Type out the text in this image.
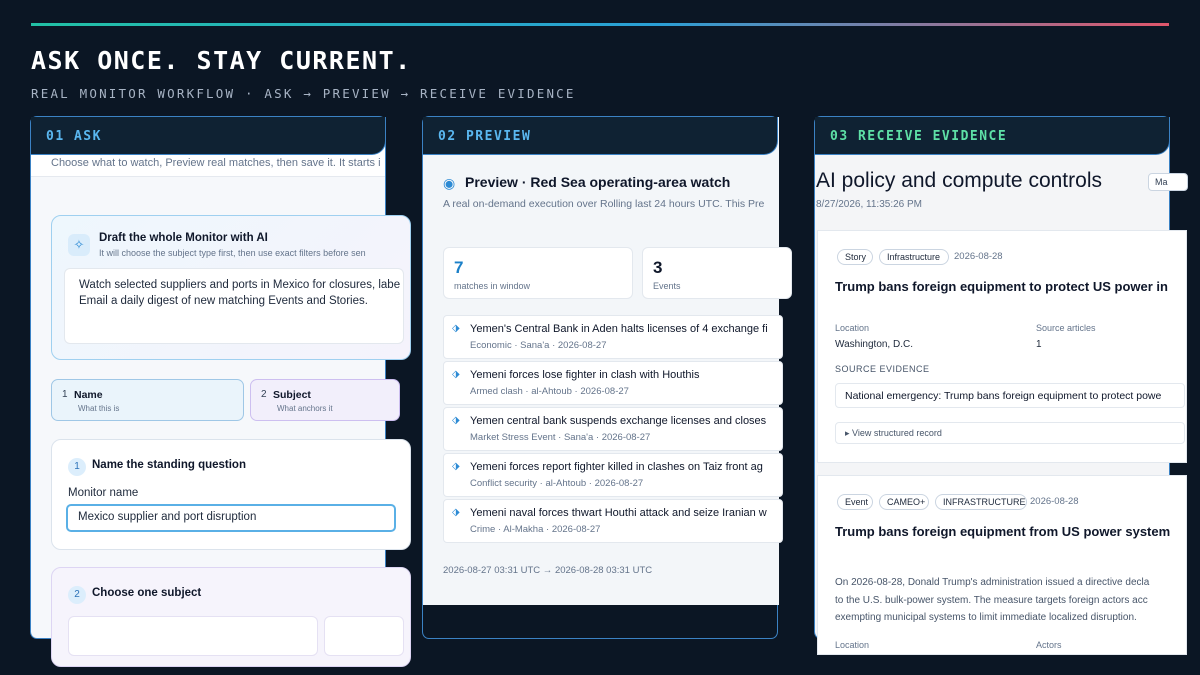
ASK ONCE. STAY CURRENT.
REAL MONITOR WORKFLOW · ASK → PREVIEW → RECEIVE EVIDENCE
01 ASK
Choose what to watch, Preview real matches, then save it. It starts i
✧	Draft the whole Monitor with AI
It will choose the subject type first, then use exact filters before sen
Watch selected suppliers and ports in Mexico for closures, labe
Email a daily digest of new matching Events and Stories.
1 Name
What this is
2 Subject
What anchors it
1	Name the standing question
Monitor name
Mexico supplier and port disruption
2	Choose one subject
◉ Preview · Red Sea operating-area watch
A real on-demand execution over Rolling last 24 hours UTC. This Pre
7
matches in window
3
Events
⬗ Yemen's Central Bank in Aden halts licenses of 4 exchange fi
Economic · Sana'a · 2026-08-27
⬗ Yemeni forces lose fighter in clash with Houthis
Armed clash · al-Ahtoub · 2026-08-27
⬗ Yemen central bank suspends exchange licenses and closes
Market Stress Event · Sana'a · 2026-08-27
⬗ Yemeni forces report fighter killed in clashes on Taiz front ag
Conflict security · al-Ahtoub · 2026-08-27
⬗ Yemeni naval forces thwart Houthi attack and seize Iranian w
Crime · Al-Makha · 2026-08-27
2026-08-27 03:31 UTC → 2026-08-28 03:31 UTC
02 PREVIEW	03 RECEIVE EVIDENCE
AI policy and compute controls	Ma
8/27/2026, 11:35:26 PM
Story	Infrastructure	2026-08-28
Trump bans foreign equipment to protect US power in
Location
Washington, D.C.
Source articles
1
SOURCE EVIDENCE
National emergency: Trump bans foreign equipment to protect powe
▸ View structured record
Event	CAMEO+	INFRASTRUCTURE 2026-08-28
Trump bans foreign equipment from US power system
On 2026-08-28, Donald Trump's administration issued a directive decla
to the U.S. bulk-power system. The measure targets foreign actors acc
exempting municipal systems to limit immediate localized disruption.
Location	Actors
